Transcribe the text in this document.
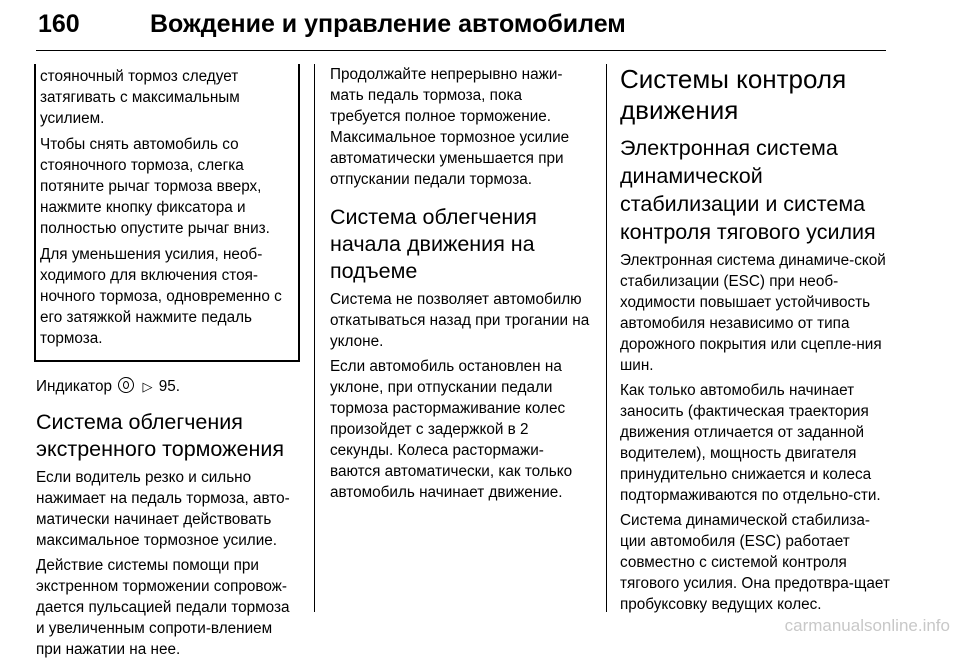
160	Вождение и управление автомобилем

стояночный тормоз следует затягивать с максимальным усилием.

Чтобы снять автомобиль со стояночного тормоза, слегка потяните рычаг тормоза вверх, нажмите кнопку фиксатора и полностью опустите рычаг вниз.

Для уменьшения усилия, необ-ходимого для включения стоя-ночного тормоза, одновременно с его затяжкой нажмите педаль тормоза.

Индикатор ▷ 95.

Система облегчения экстренного торможения

Если водитель резко и сильно нажимает на педаль тормоза, авто-матически начинает действовать максимальное тормозное усилие.

Действие системы помощи при экстренном торможении сопровож-дается пульсацией педали тормоза и увеличенным сопроти-влением при нажатии на нее.

Продолжайте непрерывно нажи-мать педаль тормоза, пока требуется полное торможение. Максимальное тормозное усилие автоматически уменьшается при отпускании педали тормоза.

Система облегчения начала движения на подъеме

Система не позволяет автомобилю откатываться назад при трогании на уклоне.

Если автомобиль остановлен на уклоне, при отпускании педали тормоза растормаживание колес произойдет с задержкой в 2 секунды. Колеса растормажи-ваются автоматически, как только автомобиль начинает движение.

Системы контроля движения
Электронная система динамической стабилизации и система контроля тягового усилия

Электронная система динамиче-ской стабилизации (ESC) при необ-ходимости повышает устойчивость автомобиля независимо от типа дорожного покрытия или сцепле-ния шин.

Как только автомобиль начинает заносить (фактическая траектория движения отличается от заданной водителем), мощность двигателя принудительно снижается и колеса подтормаживаются по отдельно-сти.

Система динамической стабилиза-ции автомобиля (ESC) работает совместно с системой контроля тягового усилия. Она предотвра-щает пробуксовку ведущих колес.

carmanualsonline.info
